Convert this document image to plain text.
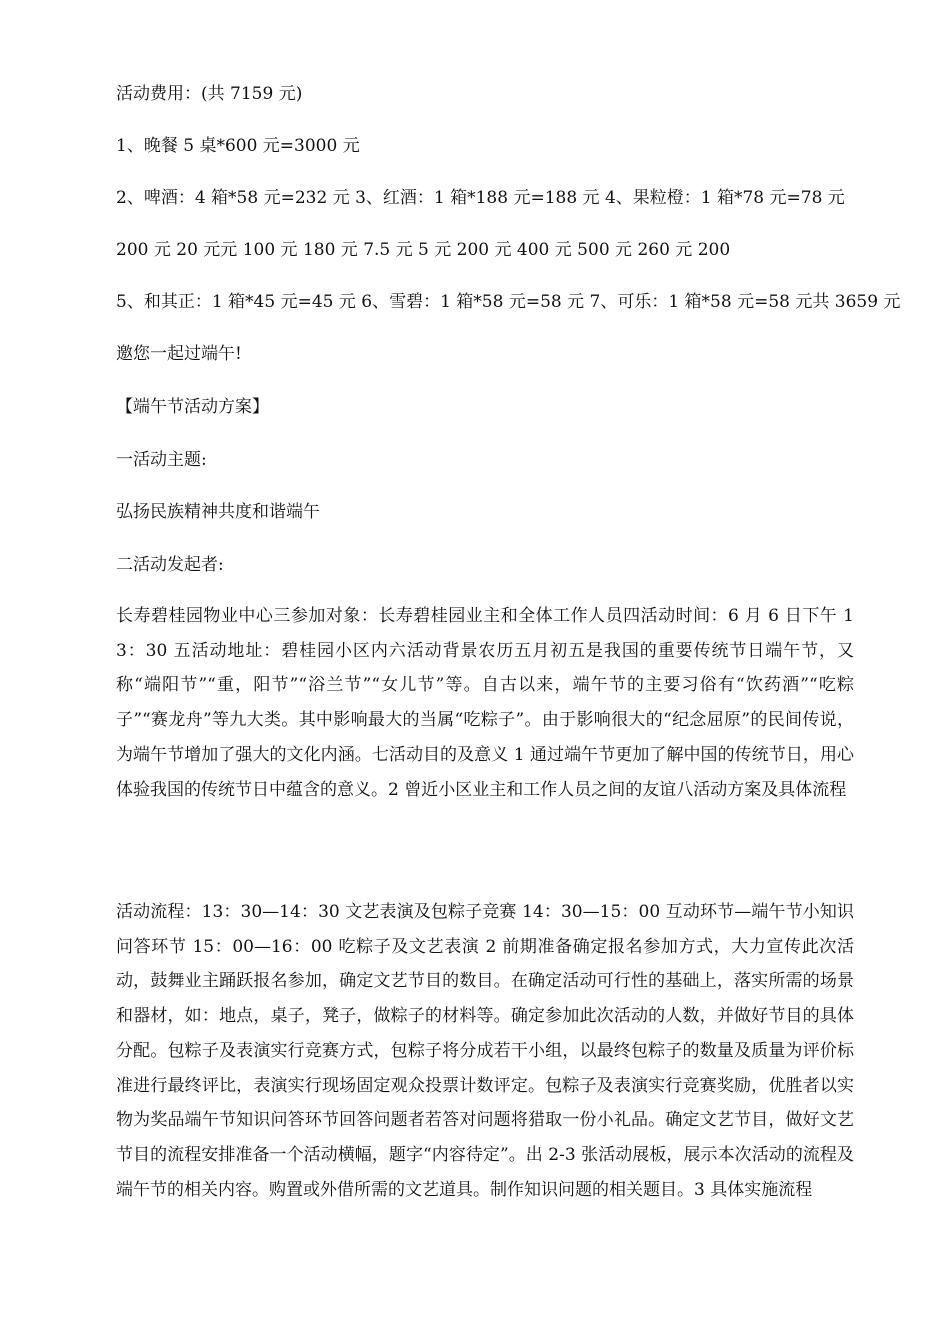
活动费用：(共 7159 元)
1、晚餐 5 桌*600 元=3000 元
2、啤酒：4 箱*58 元=232 元 3、红酒：1 箱*188 元=188 元 4、果粒橙：1 箱*78 元=78 元
200 元 20 元元 100 元 180 元 7.5 元 5 元 200 元 400 元 500 元 260 元 200
5、和其正：1 箱*45 元=45 元 6、雪碧：1 箱*58 元=58 元 7、可乐：1 箱*58 元=58 元共 3659 元
邀您一起过端午!
【端午节活动方案】
一活动主题:
弘扬民族精神共度和谐端午
二活动发起者:
长寿碧桂园物业中心三参加对象：长寿碧桂园业主和全体工作人员四活动时间：6 月 6 日下午 13：30 五活动地址：碧桂园小区内六活动背景农历五月初五是我国的重要传统节日端午节，又称“端阳节”“重，阳节”“浴兰节”“女儿节”等。自古以来，端午节的主要习俗有“饮药酒”“吃粽子”“赛龙舟”等九大类。其中影响最大的当属“吃粽子”。由于影响很大的“纪念屈原”的民间传说，为端午节增加了强大的文化内涵。七活动目的及意义 1 通过端午节更加了解中国的传统节日，用心体验我国的传统节日中蕴含的意义。2 曾近小区业主和工作人员之间的友谊八活动方案及具体流程
活动流程：13：30—14：30 文艺表演及包粽子竞赛 14：30—15：00 互动环节—端午节小知识问答环节 15：00—16：00 吃粽子及文艺表演 2 前期准备确定报名参加方式，大力宣传此次活动，鼓舞业主踊跃报名参加，确定文艺节目的数目。在确定活动可行性的基础上，落实所需的场景和器材，如：地点，桌子，凳子，做粽子的材料等。确定参加此次活动的人数，并做好节目的具体分配。包粽子及表演实行竞赛方式，包粽子将分成若干小组，以最终包粽子的数量及质量为评价标准进行最终评比，表演实行现场固定观众投票计数评定。包粽子及表演实行竞赛奖励，优胜者以实物为奖品端午节知识问答环节回答问题者若答对问题将猎取一份小礼品。确定文艺节目，做好文艺节目的流程安排准备一个活动横幅，题字“内容待定”。出 2-3 张活动展板，展示本次活动的流程及端午节的相关内容。购置或外借所需的文艺道具。制作知识问题的相关题目。3 具体实施流程
